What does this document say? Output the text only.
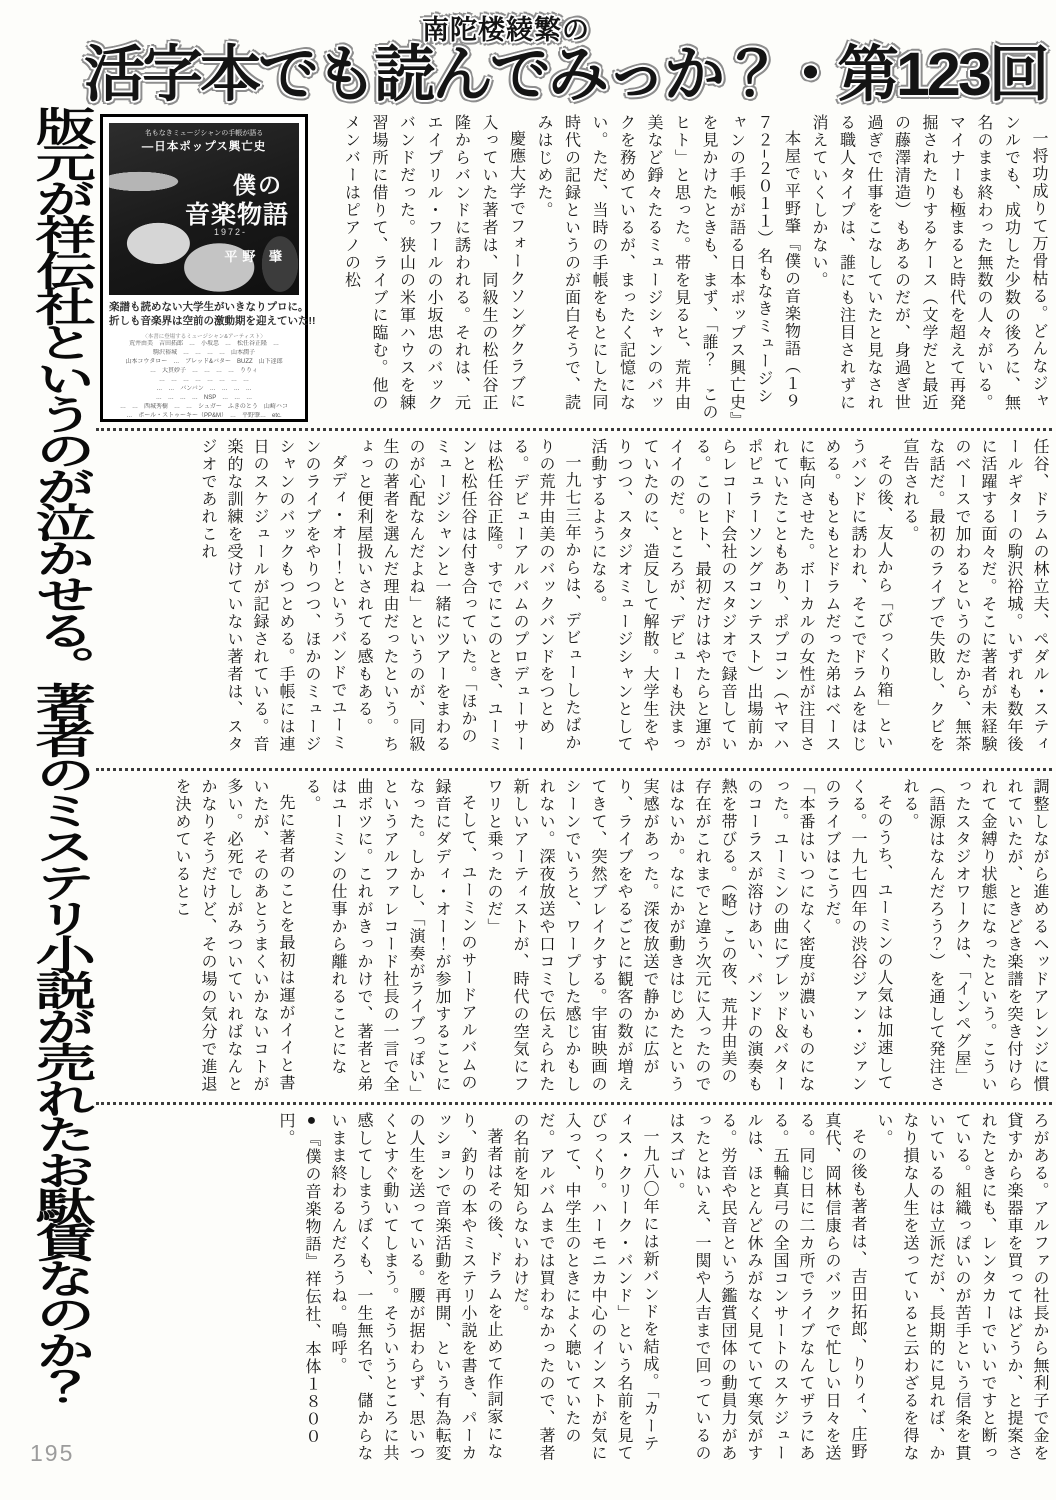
南陀楼綾繁の
活字本でも読んでみっか？・第123回
版元が祥伝社というのが泣かせる。著者のミステリ小説が売れたお駄賃なのか？	名もなきミュージシャンの手帳が語る
―日本ポップス興亡史
僕の
音楽物語
1972-
平野 肇
楽譜も読めない大学生がいきなりプロに。
折しも音楽界は空前の激動期を迎えていた!!
〈本書に登場するミュージシャン&アーティスト〉
荒井由美　吉田拓郎　…　小坂忠　…　松任谷正隆　…
駒沢裕城　…　…　…　…　山本潤子
山本コウタロー　…　ブレッド&バター　BUZZ　山下達郎
…　大貫妙子　…　…　…　…　りりィ
…　…　…　…　…　…　…　…
…　…　バンバン　…　…　…　…
…　…　…　…　NSP　…　…　…
…　…　西城秀樹　…　…　シュガー　ふきのとう　山崎ハコ
…　ポール・ストゥーキー（PP&M）　…　平野肇…　etc.

一将功成りて万骨枯る。どんなジャンルでも、成功した少数の後ろに、無名のまま終わった無数の人々がいる。マイナーも極まると時代を超えて再発掘されたりするケース（文学だと最近の藤澤清造）もあるのだが、身過ぎ世過ぎで仕事をこなしていたと見なされる職人タイプは、誰にも注目されずに消えていくしかない。

本屋で平野肇『僕の音楽物語（１９７２−２０１１）名もなきミュージシャンの手帳が語る日本ポップス興亡史』を見かけたときも、まず、「誰？　このヒト」と思った。帯を見ると、荒井由美など錚々たるミュージシャンのバックを務めているが、まったく記憶にない。ただ、当時の手帳をもとにした同時代の記録というのが面白そうで、読みはじめた。

慶應大学でフォークソングクラブに入っていた著者は、同級生の松任谷正隆からバンドに誘われる。それは、元エイプリル・フールの小坂忠のバックバンドだった。狭山の米軍ハウスを練習場所に借りて、ライブに臨む。他のメンバーはピアノの松

任谷、ドラムの林立夫、ペダル・スティールギターの駒沢裕城。いずれも数年後に活躍する面々だ。そこに著者が未経験のベースで加わるというのだから、無茶な話だ。最初のライブで失敗し、クビを宣告される。

その後、友人から「びっくり箱」というバンドに誘われ、そこでドラムをはじめる。もともとドラムだった弟はベースに転向させた。ボーカルの女性が注目されていたこともあり、ポプコン（ヤマハポピュラーソングコンテスト）出場前からレコード会社のスタジオで録音している。このヒト、最初だけはやたらと運がイイのだ。ところが、デビューも決まっていたのに、造反して解散。大学生をやりつつ、スタジオミュージシャンとして活動するようになる。

一九七三年からは、デビューしたばかりの荒井由美のバックバンドをつとめる。デビューアルバムのプロデューサーは松任谷正隆。すでにこのとき、ユーミンと松任谷は付き合っていた。「ほかのミュージシャンと一緒にツアーをまわるのが心配なんだよね」というのが、同級生の著者を選んだ理由だったという。ちょっと便利屋扱いされてる感もある。

ダディ・オー！というバンドでユーミンのライブをやりつつ、ほかのミュージシャンのバックもつとめる。手帳には連日のスケジュールが記録されている。音楽的な訓練を受けていない著者は、スタジオであれこれ

調整しながら進めるヘッドアレンジに慣れていたが、ときどき楽譜を突き付けられて金縛り状態になったという。こういったスタジオワークは、「インペグ屋」（語源はなんだろう？）を通して発注される。

そのうち、ユーミンの人気は加速してくる。一九七四年の渋谷ジァン・ジァンのライブはこうだ。

「本番はいつになく密度が濃いものになった。ユーミンの曲にブレッド＆バターのコーラスが溶けあい、バンドの演奏も熱を帯びる。（略）この夜、荒井由美の存在がこれまでと違う次元に入ったのではないか。なにかが動きはじめたという実感があった。深夜放送で静かに広がり、ライブをやるごとに観客の数が増えてきて、突然ブレイクする。宇宙映画のシーンでいうと、ワープした感じかもしれない。深夜放送や口コミで伝えられた新しいアーティストが、時代の空気にフワリと乗ったのだ」

そして、ユーミンのサードアルバムの録音にダディ・オー！が参加することになった。しかし、「演奏がライブっぽい」というアルファレコード社長の一言で全曲ボツに。これがきっかけで、著者と弟はユーミンの仕事から離れることになる。

先に著者のことを最初は運がイイと書いたが、そのあとうまくいかないコトが多い。必死でしがみついていればなんとかなりそうだけど、その場の気分で進退を決めているとこ

ろがある。アルファの社長から無利子で金を貸すから楽器車を買ってはどうか、と提案されたときにも、レンタカーでいいですと断っている。組織っぽいのが苦手という信条を貫いているのは立派だが、長期的に見れば、かなり損な人生を送っていると云わざるを得ない。

その後も著者は、吉田拓郎、りりィ、庄野真代、岡林信康らのバックで忙しい日々を送る。同じ日に二カ所でライブなんてザラにある。五輪真弓の全国コンサートのスケジュールは、ほとんど休みがなく見ていて寒気がする。労音や民音という鑑賞団体の動員力があったとはいえ、一関や人吉まで回っているのはスゴい。

一九八〇年には新バンドを結成。「カーティス・クリーク・バンド」という名前を見てびっくり。ハーモニカ中心のインストが気に入って、中学生のときによく聴いていたのだ。アルバムまでは買わなかったので、著者の名前を知らないわけだ。

著者はその後、ドラムを止めて作詞家になり、釣りの本やミステリ小説を書き、パーカッションで音楽活動を再開、という有為転変の人生を送っている。腰が据わらず、思いつくとすぐ動いてしまう。そういうところに共感してしまうぼくも、一生無名で、儲からないまま終わるんだろうね。嗚呼。

●『僕の音楽物語』祥伝社、本体１８００円。

195
